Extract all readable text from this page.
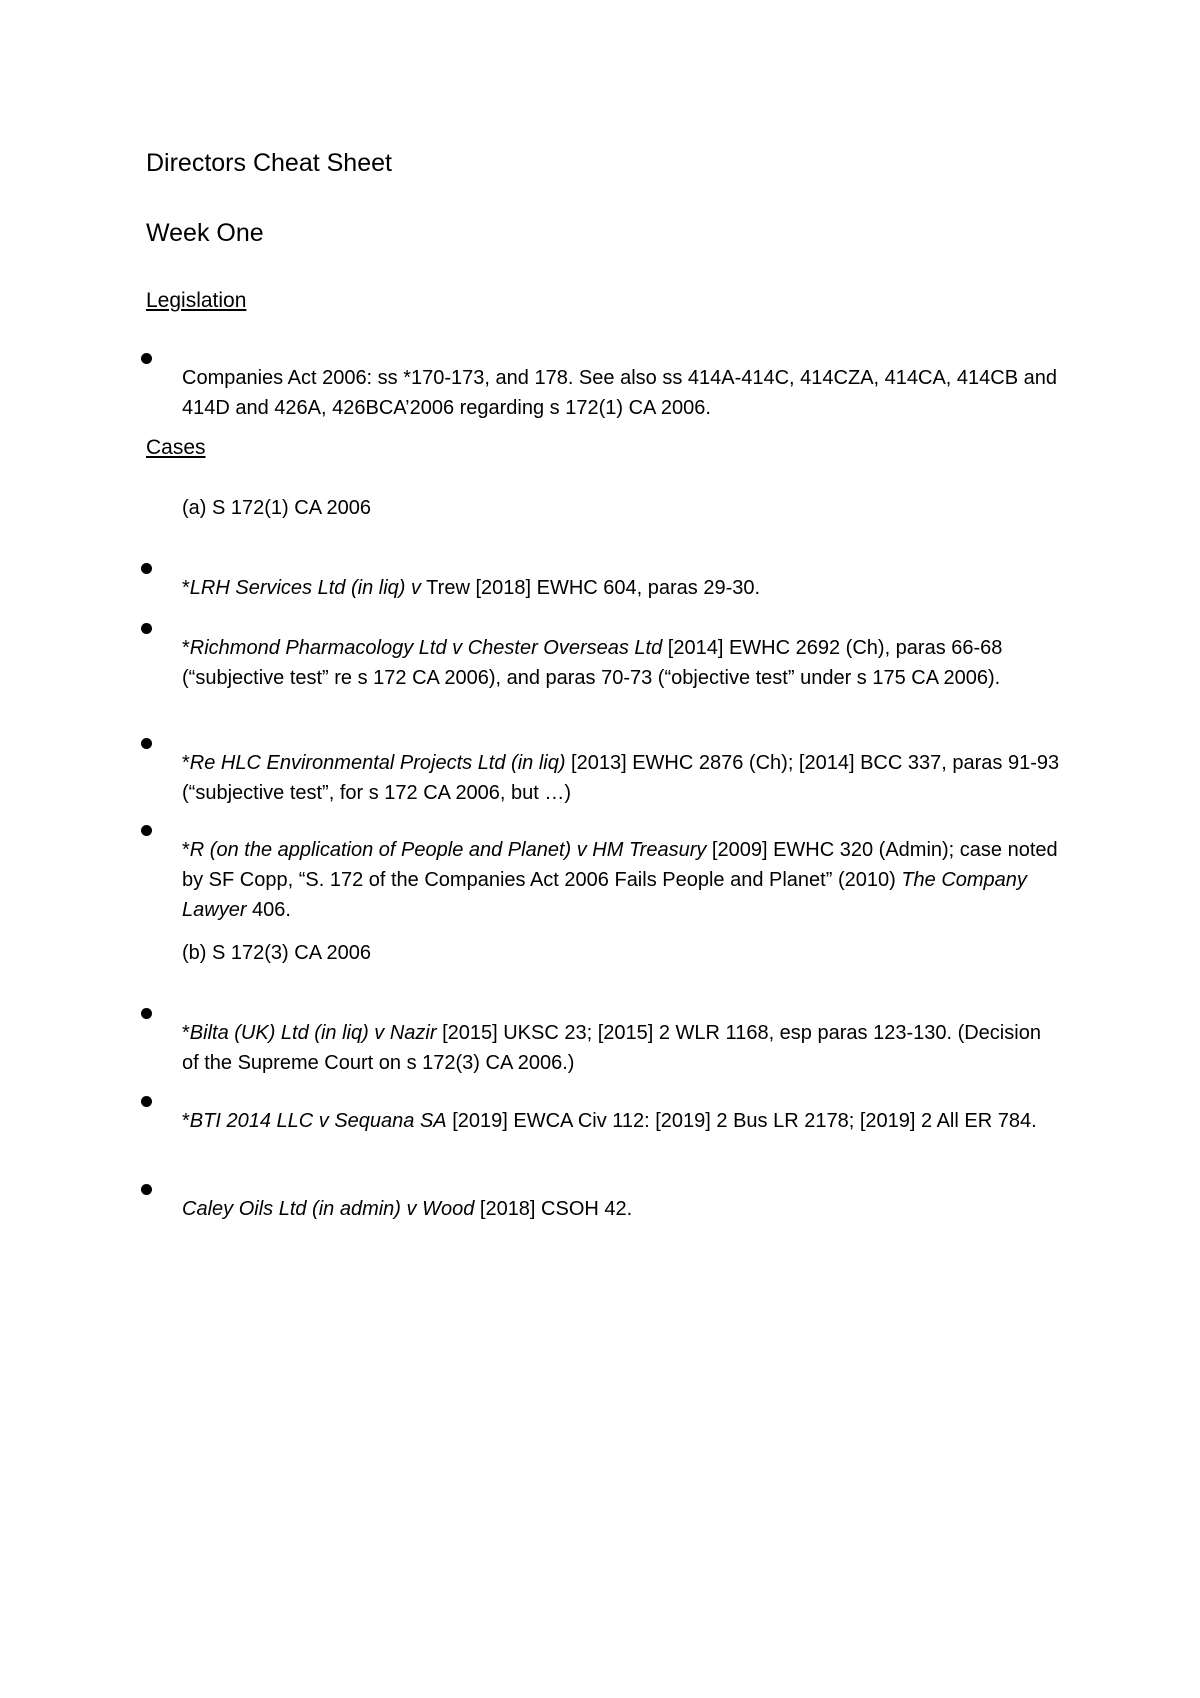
Directors Cheat Sheet

Week One

Legislation

Companies Act 2006: ss *170-173, and 178. See also ss 414A-414C, 414CZA, 414CA, 414CB and 414D and 426A, 426BCA’2006 regarding s 172(1) CA 2006.

Cases

(a) S 172(1) CA 2006

*LRH Services Ltd (in liq) v Trew [2018] EWHC 604, paras 29-30.

*Richmond Pharmacology Ltd v Chester Overseas Ltd [2014] EWHC 2692 (Ch), paras 66-68 (“subjective test” re s 172 CA 2006), and paras 70-73 (“objective test” under s 175 CA 2006).

*Re HLC Environmental Projects Ltd (in liq) [2013] EWHC 2876 (Ch); [2014] BCC 337, paras 91-93 (“subjective test”, for s 172 CA 2006, but …)

*R (on the application of People and Planet) v HM Treasury [2009] EWHC 320 (Admin); case noted by SF Copp, “S. 172 of the Companies Act 2006 Fails People and Planet” (2010) The Company Lawyer 406.

(b) S 172(3) CA 2006

*Bilta (UK) Ltd (in liq) v Nazir [2015] UKSC 23; [2015] 2 WLR 1168, esp paras 123-130. (Decision of the Supreme Court on s 172(3) CA 2006.)

*BTI 2014 LLC v Sequana SA [2019] EWCA Civ 112: [2019] 2 Bus LR 2178; [2019] 2 All ER 784.

Caley Oils Ltd (in admin) v Wood [2018] CSOH 42.
